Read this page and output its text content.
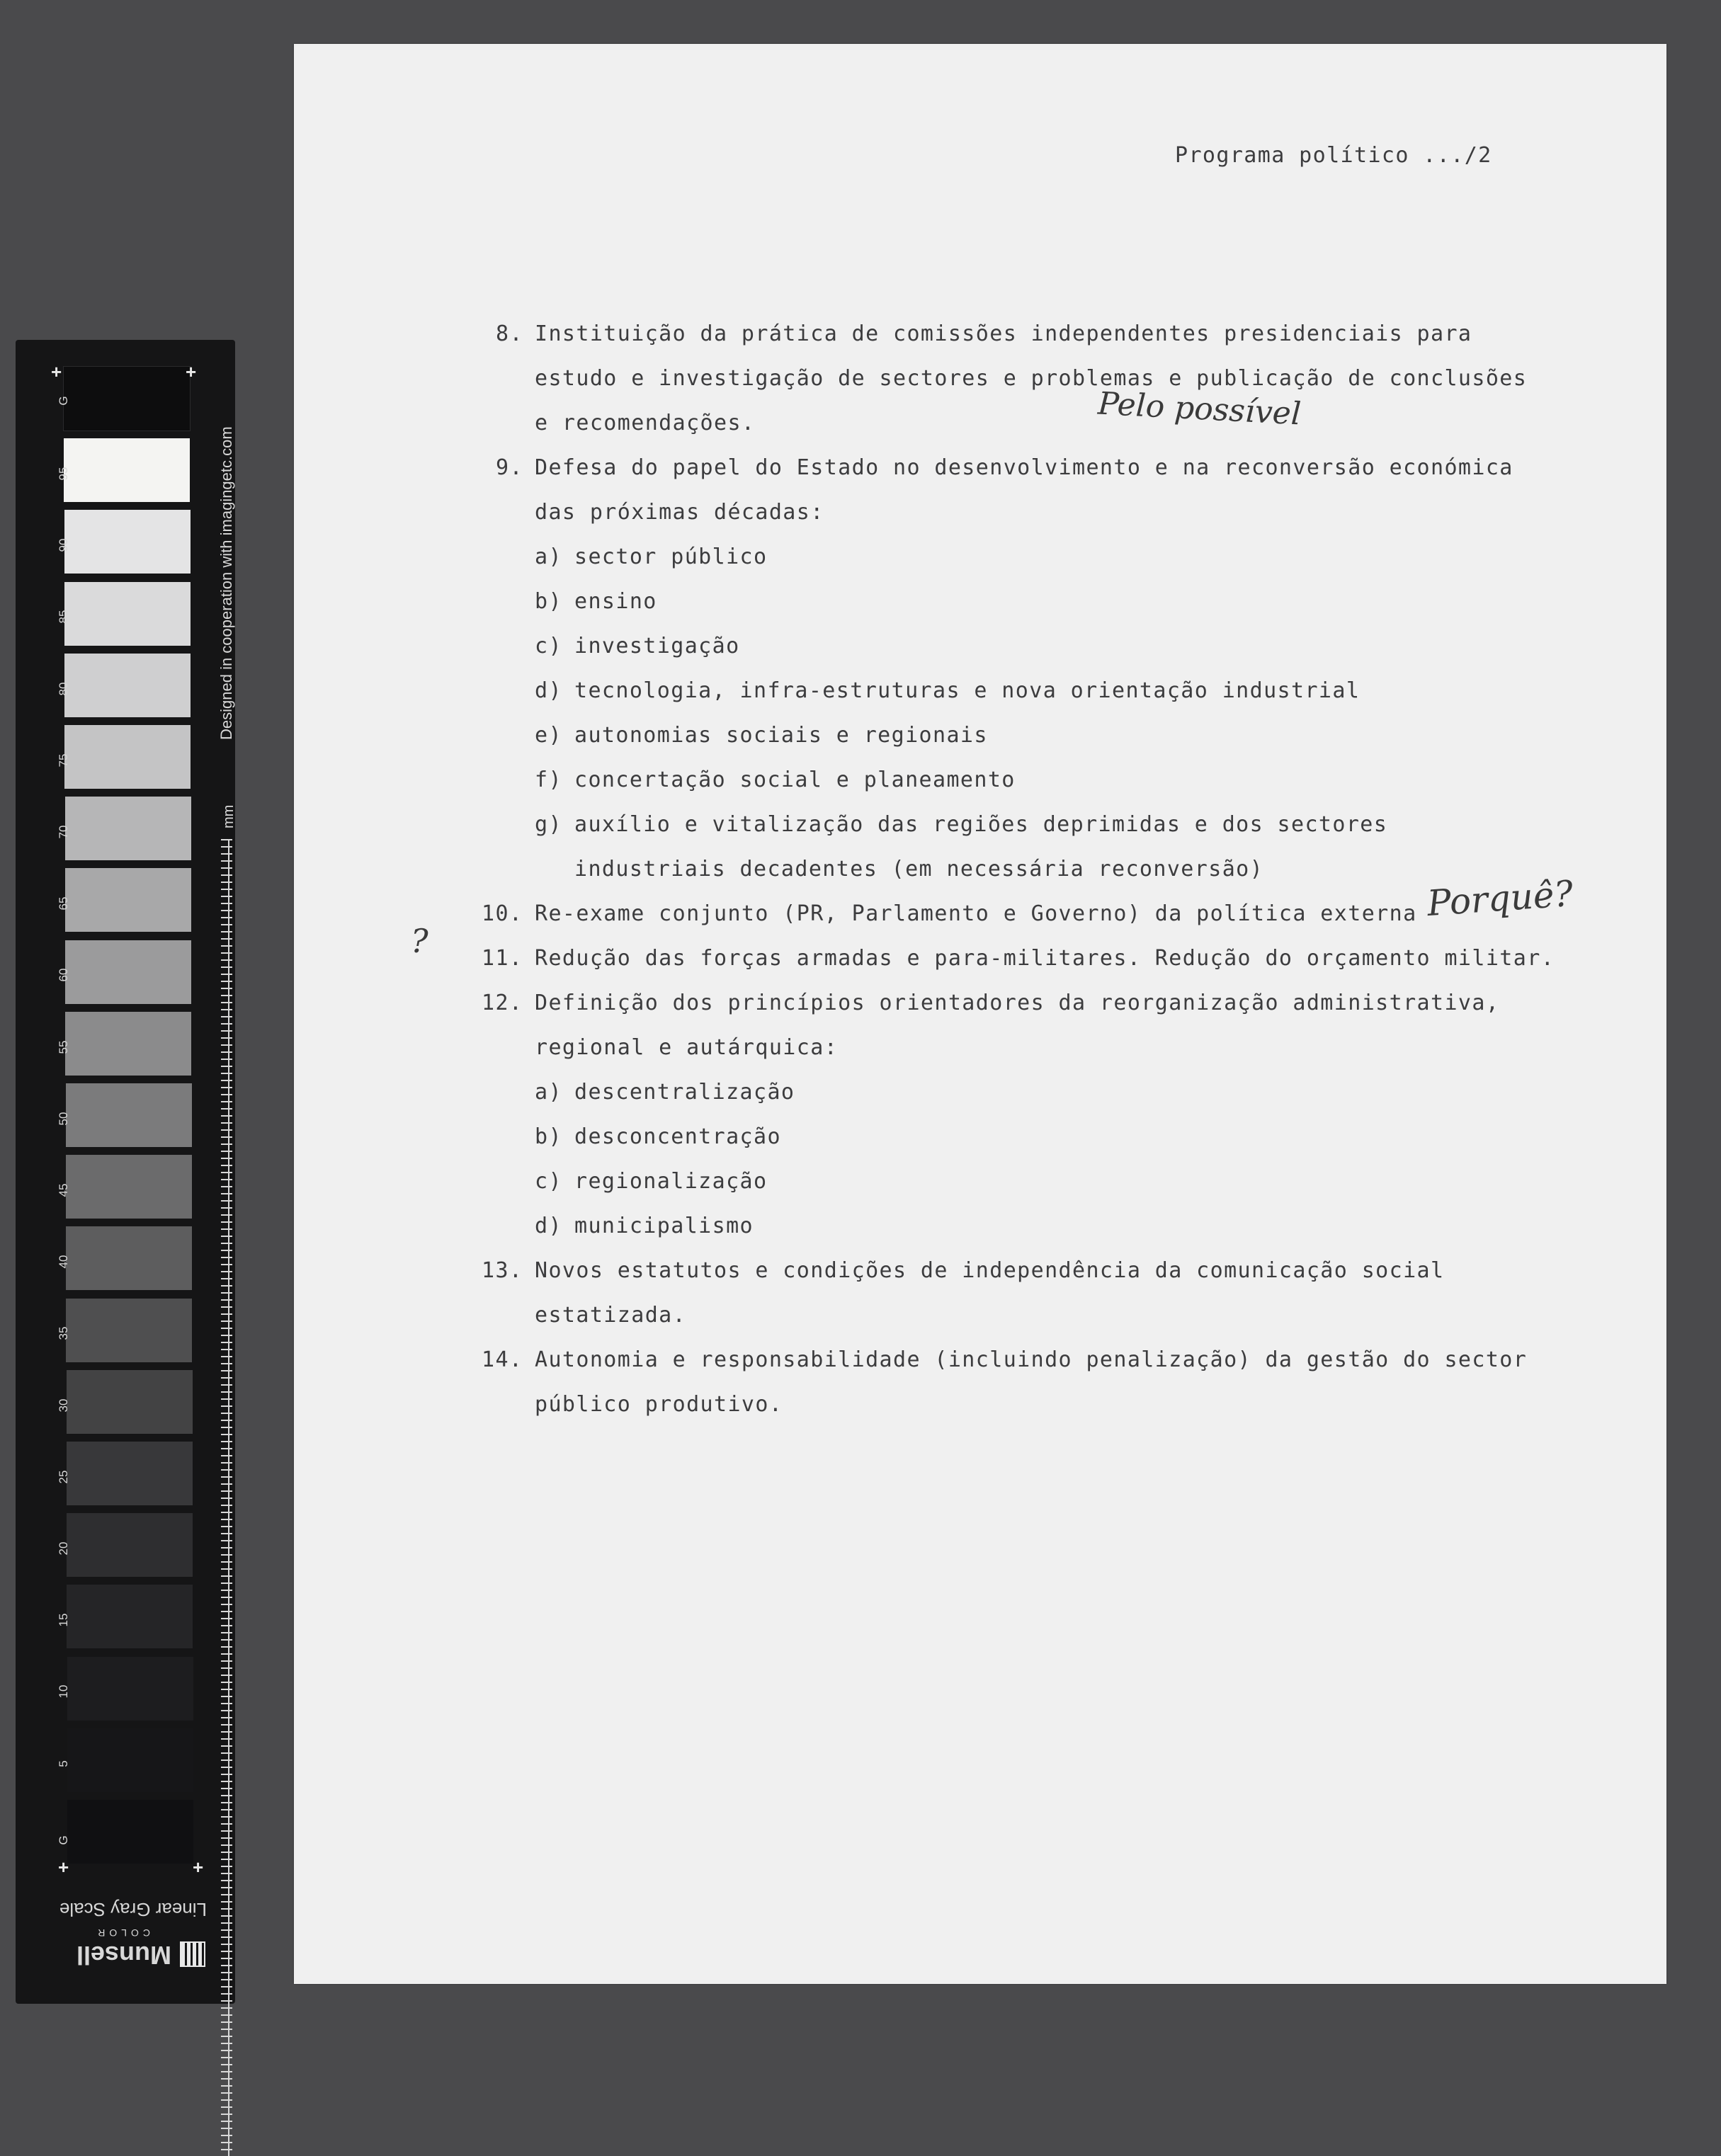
95
90
85
80
75
70
65
60
55
50
45
40
35
30
25
20
15
10
5
+	+
+	+
G
G
Designed in cooperation with imagingetc.com
mm
Linear Gray Scale
Munsell
COLOR
Programa político .../2
8. Instituição da prática de comissões independentes presidenciais para
estudo e investigação de sectores e problemas e publicação de conclusões
e recomendações.
9. Defesa do papel do Estado no desenvolvimento e na reconversão económica
das próximas décadas:
a) sector público
b) ensino
c) investigação
d) tecnologia, infra-estruturas e nova orientação industrial
e) autonomias sociais e regionais
f) concertação social e planeamento
g) auxílio e vitalização das regiões deprimidas e dos sectores
industriais decadentes (em necessária reconversão)
10. Re-exame conjunto (PR, Parlamento e Governo) da política externa
11. Redução das forças armadas e para-militares. Redução do orçamento militar.
12. Definição dos princípios orientadores da reorganização administrativa,
regional e autárquica:
a) descentralização
b) desconcentração
c) regionalização
d) municipalismo
13. Novos estatutos e condições de independência da comunicação social
estatizada.
14. Autonomia e responsabilidade (incluindo penalização) da gestão do sector
público produtivo.
Pelo possível
Porquê?
?
